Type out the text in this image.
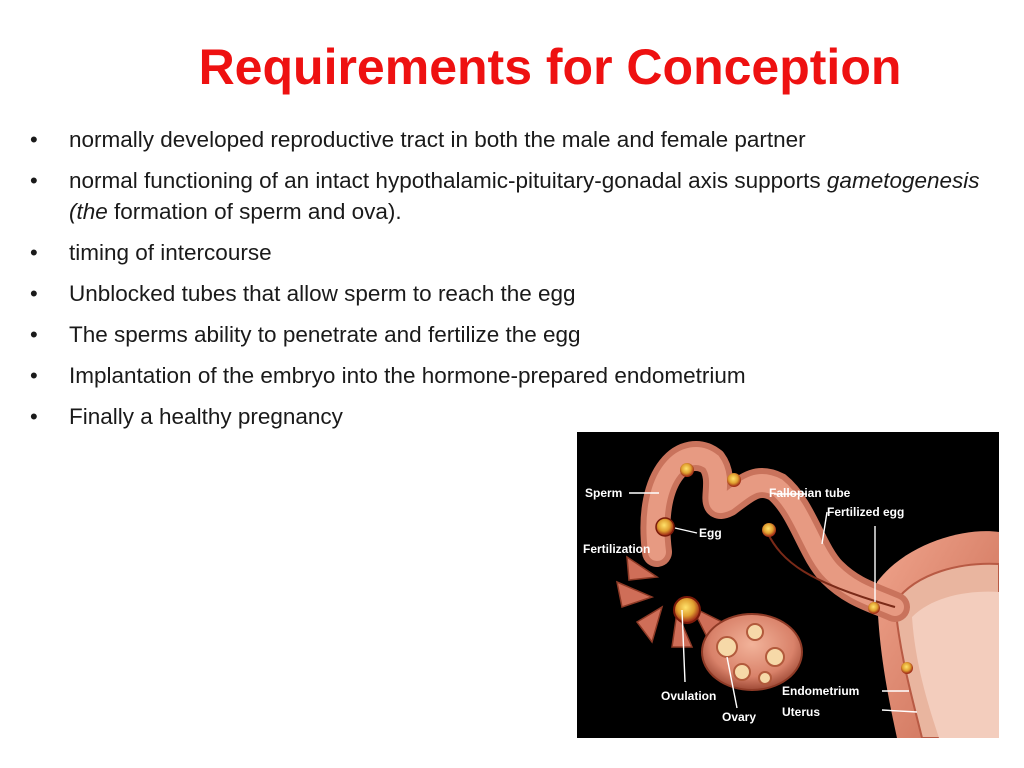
Requirements for Conception
• normally developed reproductive tract in both the male and female partner
• normal functioning of an intact hypothalamic-pituitary-gonadal axis supports gametogenesis (the formation of sperm and ova).
• timing of intercourse
• Unblocked tubes that allow sperm to reach the egg
• The sperms ability to penetrate and fertilize the egg
• Implantation of the embryo into the hormone-prepared endometrium
• Finally a healthy pregnancy
Sperm
Egg
Fertilization
Fallopian tube
Fertilized egg
Ovulation
Ovary
Endometrium
Uterus
